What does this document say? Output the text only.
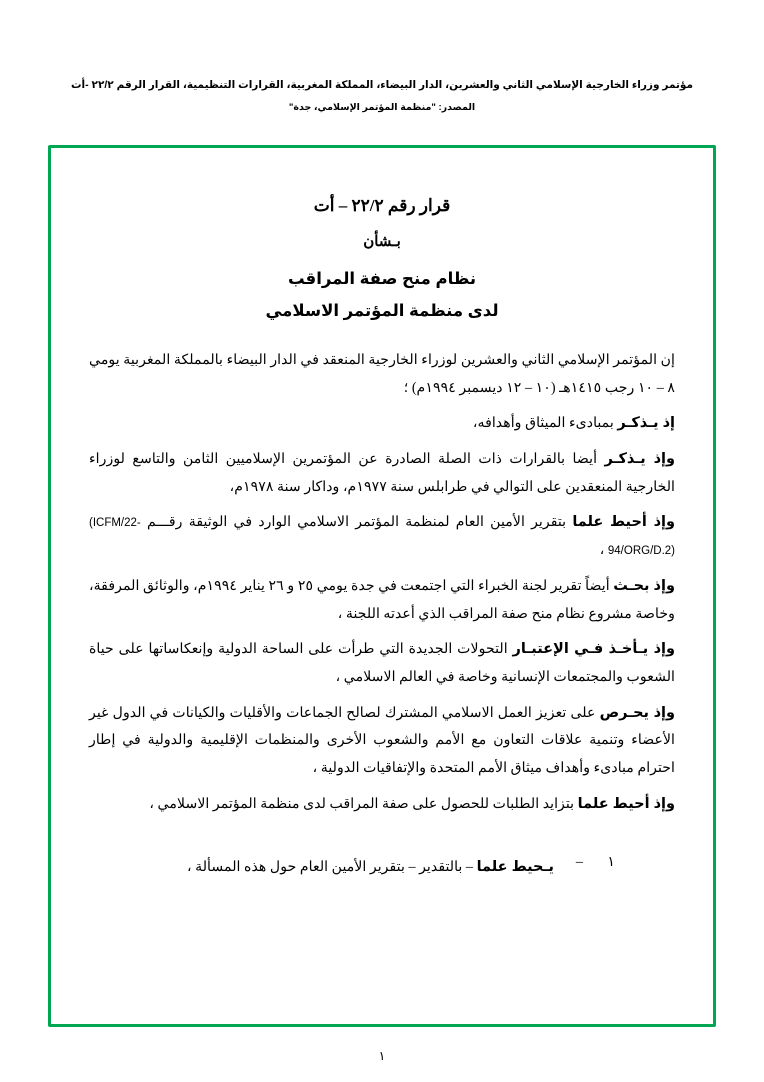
مؤتمر وزراء الخارجية الإسلامي الثاني والعشرين، الدار البيضاء، المملكة المغربية، القرارات التنظيمية، القرار الرقم ٢٢/٢ -أت
المصدر: "منظمة المؤتمر الإسلامي، جدة"
قرار رقم ٢٢/٢ – أت
بـشأن
نظام منح صفة المراقب
لدى منظمة المؤتمر الاسلامي

إن المؤتمر الإسلامي الثاني والعشرين لوزراء الخارجية المنعقد في الدار البيضاء بالمملكة المغربية يومي ٨ – ١٠ رجب ١٤١٥هـ (١٠ – ١٢ ديسمبر ١٩٩٤م) ؛

إذ يـذكـر بمبادىء الميثاق وأهدافه،

وإذ يـذكـر أيضا بالقرارات ذات الصلة الصادرة عن المؤتمرين الإسلاميين الثامن والتاسع لوزراء الخارجية المنعقدين على التوالي في طرابلس سنة ١٩٧٧م، وداكار سنة ١٩٧٨م،

وإذ أحيط علما بتقرير الأمين العام لمنظمة المؤتمر الاسلامي الوارد في الوثيقة رقـــم (ICFM/22-94/ORG/D.2) ،

وإذ بحـث أيضاً تقرير لجنة الخبراء التي اجتمعت في جدة يومي ٢٥ و ٢٦ يناير ١٩٩٤م، والوثائق المرفقة، وخاصة مشروع نظام منح صفة المراقب الذي أعدته اللجنة ،

وإذ يـأخـذ فـي الإعتبـار التحولات الجديدة التي طرأت على الساحة الدولية وإنعكاساتها على حياة الشعوب والمجتمعات الإنسانية وخاصة في العالم الاسلامي ،

وإذ يحـرص على تعزيز العمل الاسلامي المشترك لصالح الجماعات والأقليات والكيانات في الدول غير الأعضاء وتنمية علاقات التعاون مع الأمم والشعوب الأخرى والمنظمات الإقليمية والدولية في إطار احترام مبادىء وأهداف ميثاق الأمم المتحدة والإتفاقيات الدولية ،

وإذ أحيط علما بتزايد الطلبات للحصول على صفة المراقب لدى منظمة المؤتمر الاسلامي ،

١
–
يـحيط علما – بالتقدير – بتقرير الأمين العام حول هذه المسألة ،
١
